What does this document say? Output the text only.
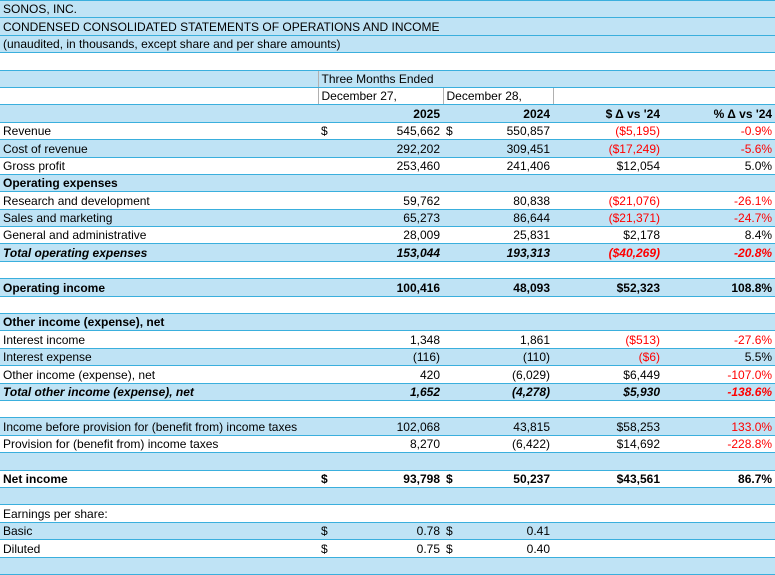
SONOS, INC.						
CONDENSED CONSOLIDATED STATEMENTS OF OPERATIONS AND INCOME						
(unaudited, in thousands, except share and per share amounts)						

	Three Months Ended					
	December 27,		December 28,			
	2025		2024		$ Δ vs '24	% Δ vs '24
Revenue	$	545,662	$	550,857	($5,195)	-0.9%
Cost of revenue		292,202		309,451	($17,249)	-5.6%
Gross profit		253,460		241,406	$12,054	5.0%
Operating expenses						
Research and development		59,762		80,838	($21,076)	-26.1%
Sales and marketing		65,273		86,644	($21,371)	-24.7%
General and administrative		28,009		25,831	$2,178	8.4%
Total operating expenses		153,044		193,313	($40,269)	-20.8%

Operating income		100,416		48,093	$52,323	108.8%

Other income (expense), net						
Interest income		1,348		1,861	($513)	-27.6%
Interest expense		(116)		(110)	($6)	5.5%
Other income (expense), net		420		(6,029)	$6,449	-107.0%
Total other income (expense), net		1,652		(4,278)	$5,930	-138.6%

Income before provision for (benefit from) income taxes		102,068		43,815	$58,253	133.0%
Provision for (benefit from) income taxes		8,270		(6,422)	$14,692	-228.8%

Net income	$	93,798	$	50,237	$43,561	86.7%

Earnings per share:						
Basic	$	0.78	$	0.41		
Diluted	$	0.75	$	0.40		
